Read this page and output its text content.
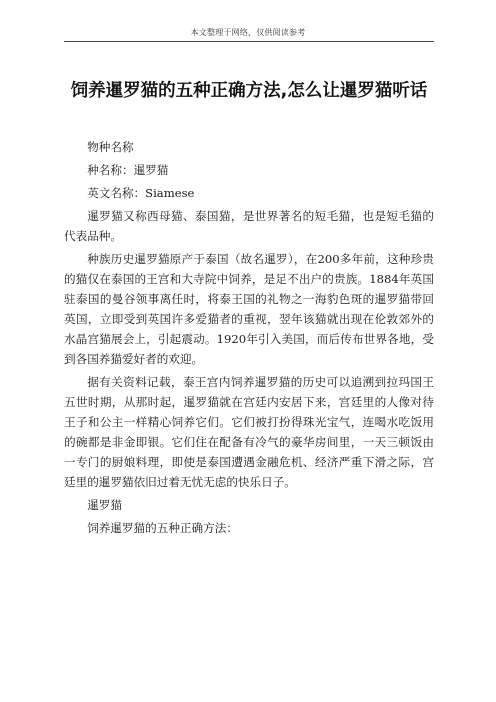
本文整理于网络，仅供阅读参考
饲养暹罗猫的五种正确方法,怎么让暹罗猫听话

物种名称

种名称：暹罗猫

英文名称：Siamese

暹罗猫又称西母猫、泰国猫，是世界著名的短毛猫，也是短毛猫的代表品种。

种族历史暹罗猫原产于泰国（故名暹罗），在200多年前，这种珍贵的猫仅在泰国的王宫和大寺院中饲养，是足不出户的贵族。1884年英国驻泰国的曼谷领事离任时，将泰王国的礼物之一海豹色斑的暹罗猫带回英国，立即受到英国许多爱猫者的重视，翌年该猫就出现在伦敦郊外的水晶宫猫展会上，引起震动。1920年引入美国，而后传布世界各地，受到各国养猫爱好者的欢迎。

据有关资料记载，泰王宫内饲养暹罗猫的历史可以追溯到拉玛国王五世时期，从那时起，暹罗猫就在宫廷内安居下来，宫廷里的人像对待王子和公主一样精心饲养它们。它们被打扮得珠光宝气，连喝水吃饭用的碗都是非金即银。它们住在配备有冷气的豪华房间里，一天三顿饭由一专门的厨娘料理，即使是泰国遭遇金融危机、经济严重下滑之际，宫廷里的暹罗猫依旧过着无忧无虑的快乐日子。

暹罗猫

饲养暹罗猫的五种正确方法：
